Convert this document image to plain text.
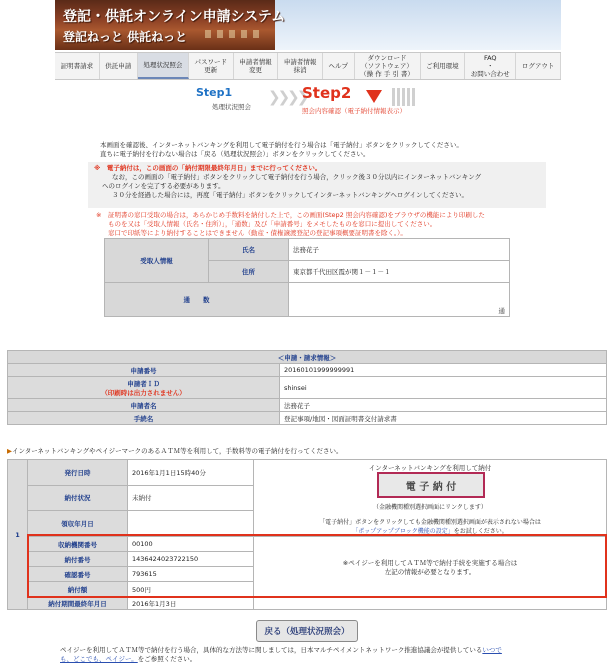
登記・供託オンライン申請システム
登記ねっと 供託ねっと
証明書請求	供託申請	処理状況照会	パスワード
更新
申請者情報
変更
申請者情報
抹消	ヘルプ
ダウンロード
（ソフトウェア）
（操 作 手 引 書）
ご利用環境
FAQ
・
お問い合わせ
ログアウト
Step1
処理状況照会
❯❯❯❯
Step2
照会内容確認（電子納付情報表示）
本画面を確認後、インターネットバンキングを利用して電子納付を行う場合は「電子納付」ボタンをクリックしてください。
直ちに電子納付を行わない場合は「戻る（処理状況照会）」ボタンをクリックしてください。
※　電子納付は，この画面の「納付期限最終年月日」までに行ってください。
なお，この画面の「電子納付」ボタンをクリックして電子納付を行う場合，クリック後３０分以内にインターネットバンキング
へのログインを完了する必要があります。
３０分を経過した場合には，再度「電子納付」ボタンをクリックしてインターネットバンキングへログインしてください。
※　証明書の窓口受取の場合は，あらかじめ手数料を納付した上で，この画面(Step2 照会内容確認)をブラウザの機能により印刷した
ものを又は「受取人情報（氏名・住所）」，「通数」及び「申請番号」をメモしたものを窓口に提出してください。
窓口で印紙等により納付することはできません（動産・債権譲渡登記の登記事項概要証明書を除く。）。
受取人情報	氏名	法務花子
	住所	東京都千代田区霞が関１－１－１
通　　数		通
＜申請・請求情報＞	
申請番号	20160101999999991

申請者ＩＤ
（印刷時は出力されません）	shinsei
申請者名	法務花子
手続名	登記事項/地図・図面証明書交付請求書
▶インターネットバンキングやペイジーマークのあるＡＴＭ等を利用して，手数料等の電子納付を行ってください。
1	発行日時	2016年1月1日15時40分	インターネットバンキングを利用して納付
（金融機関種別選択画面にリンクします）
「電子納付」ボタンをクリックしても金融機関種別選択画面が表示されない場合は
「ポップアップブロック機能の設定」をお試しください。

	納付状況	未納付	
	領収年月日		
	収納機関番号	00100	※ペイジーを利用してＡＴＭ等で納付手続を実施する場合は
左記の情報が必要となります。

	納付番号	1436424023722150	
	確認番号	793615	
	納付額	500円	
	納付期間最終年月日	2016年1月3日	
電 子 納 付
戻る（処理状況照会）
ペイジーを利用してＡＴＭ等で納付を行う場合，具体的な方法等に関しましては，日本マルチペイメントネットワーク推進協議会が提供しているいつで
も、どこでも、ペイジー。をご参照ください。
